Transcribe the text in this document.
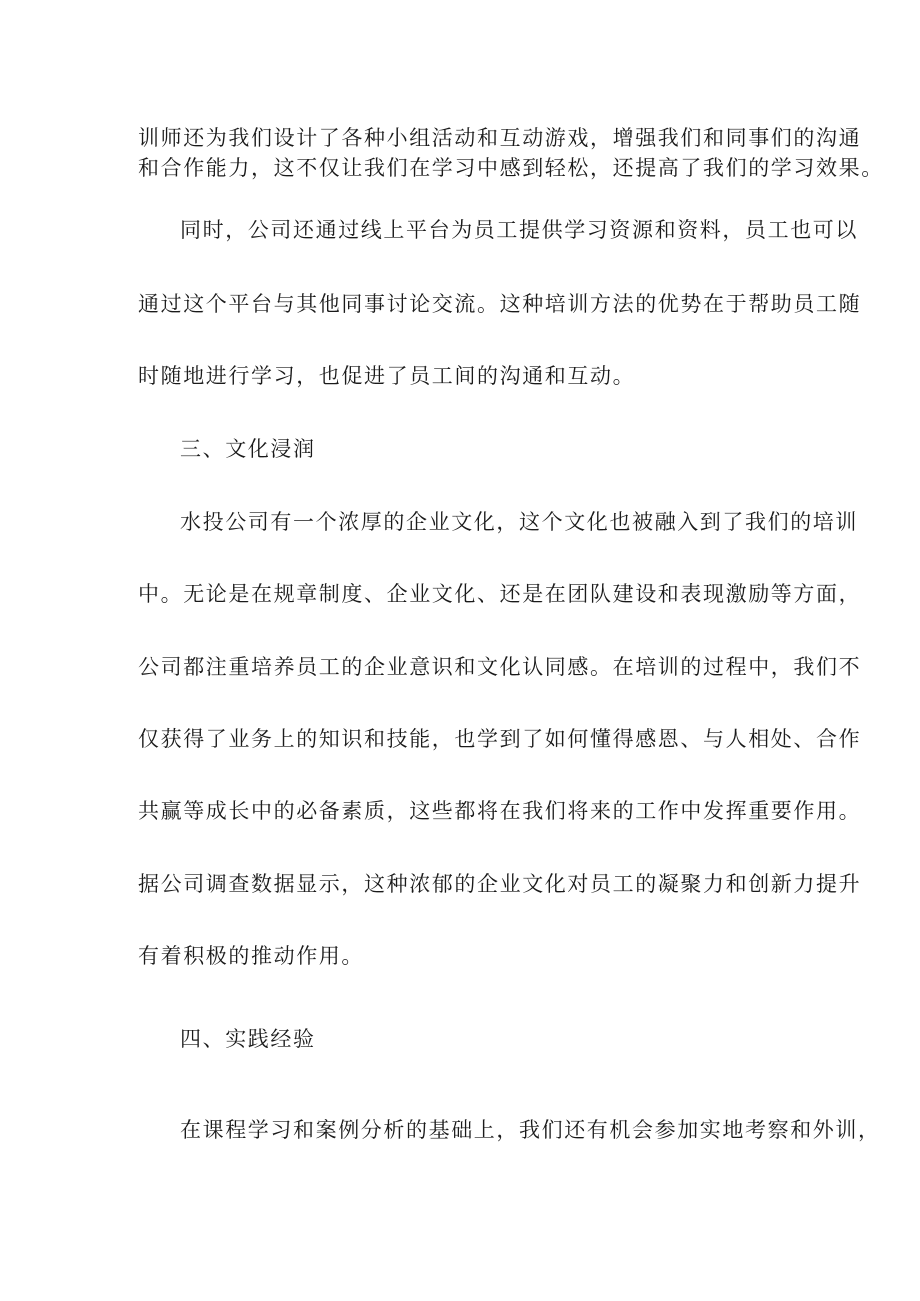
训师还为我们设计了各种小组活动和互动游戏，增强我们和同事们的沟通
和合作能力，这不仅让我们在学习中感到轻松，还提高了我们的学习效果。
同时，公司还通过线上平台为员工提供学习资源和资料，员工也可以
通过这个平台与其他同事讨论交流。这种培训方法的优势在于帮助员工随
时随地进行学习，也促进了员工间的沟通和互动。
三、文化浸润
水投公司有一个浓厚的企业文化，这个文化也被融入到了我们的培训
中。无论是在规章制度、企业文化、还是在团队建设和表现激励等方面，
公司都注重培养员工的企业意识和文化认同感。在培训的过程中，我们不
仅获得了业务上的知识和技能，也学到了如何懂得感恩、与人相处、合作
共赢等成长中的必备素质，这些都将在我们将来的工作中发挥重要作用。
据公司调查数据显示，这种浓郁的企业文化对员工的凝聚力和创新力提升
有着积极的推动作用。
四、实践经验
在课程学习和案例分析的基础上，我们还有机会参加实地考察和外训，
